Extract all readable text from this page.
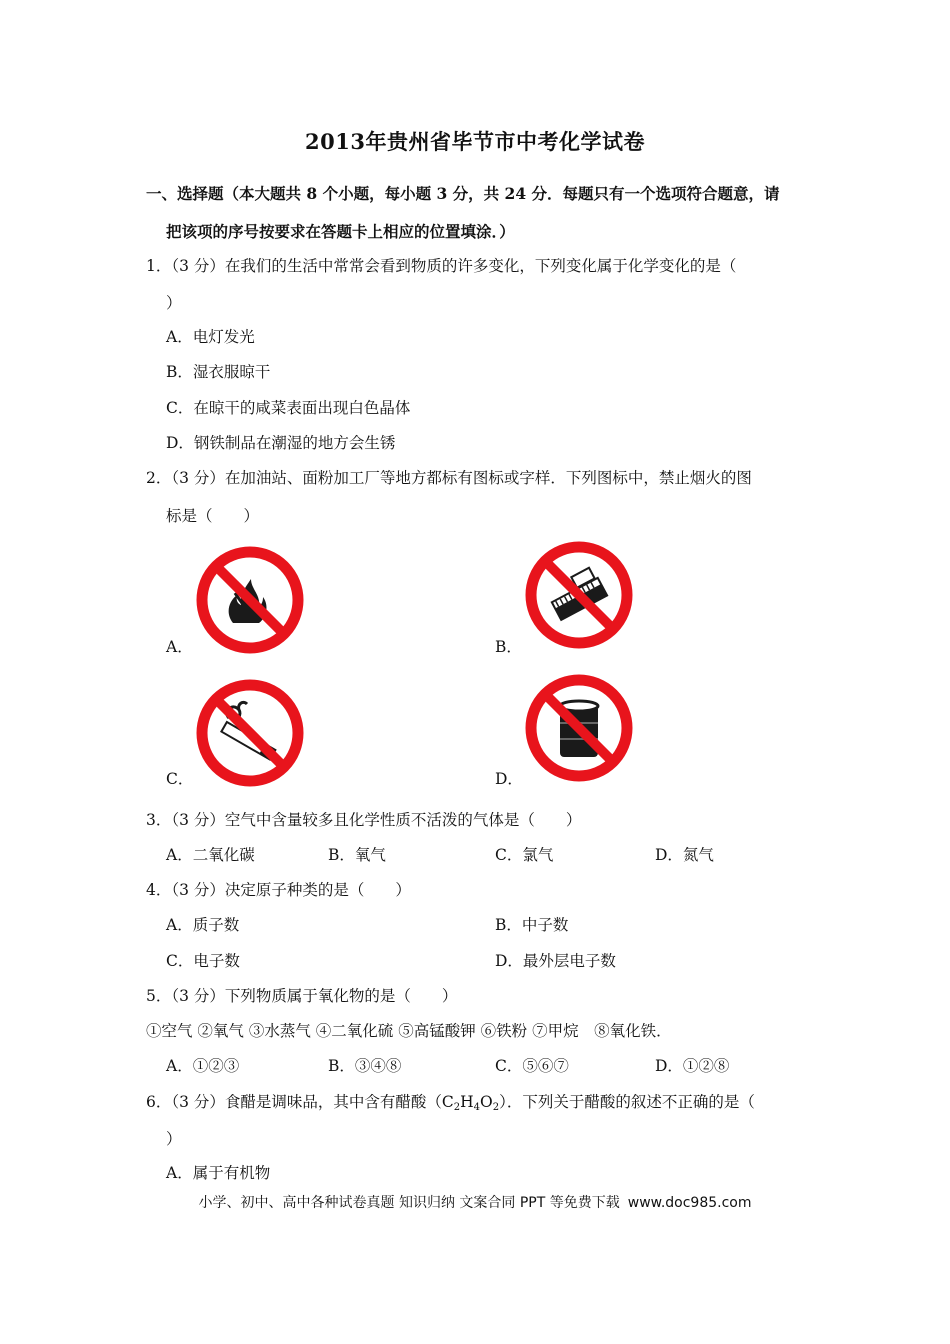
2013年贵州省毕节市中考化学试卷
一、选择题（本大题共 8 个小题，每小题 3 分，共 24 分．每题只有一个选项符合题意，请
把该项的序号按要求在答题卡上相应的位置填涂．）
1．（3 分）在我们的生活中常常会看到物质的许多变化，下列变化属于化学变化的是（
）
A．电灯发光
B．湿衣服晾干
C．在晾干的咸菜表面出现白色晶体
D．钢铁制品在潮湿的地方会生锈
2．（3 分）在加油站、面粉加工厂等地方都标有图标或字样．下列图标中，禁止烟火的图
标是（　　）
A．	B．
C．	D．
3．（3 分）空气中含量较多且化学性质不活泼的气体是（　　）
A．二氧化碳	B．氧气	C．氯气	D．氮气
4．（3 分）决定原子种类的是（　　）
A．质子数	B．中子数
C．电子数	D．最外层电子数
5．（3 分）下列物质属于氧化物的是（　　）
①空气 ②氧气 ③水蒸气 ④二氧化硫 ⑤高锰酸钾 ⑥铁粉 ⑦甲烷　⑧氧化铁．
A．①②③	B．③④⑧	C．⑤⑥⑦	D．①②⑧
6．（3 分）食醋是调味品，其中含有醋酸$(C_2H_4O_2)$．下列关于醋酸的叙述不正确的是（
）
A．属于有机物
小学、初中、高中各种试卷真题 知识归纳 文案合同 PPT 等免费下载 www.doc985.com
